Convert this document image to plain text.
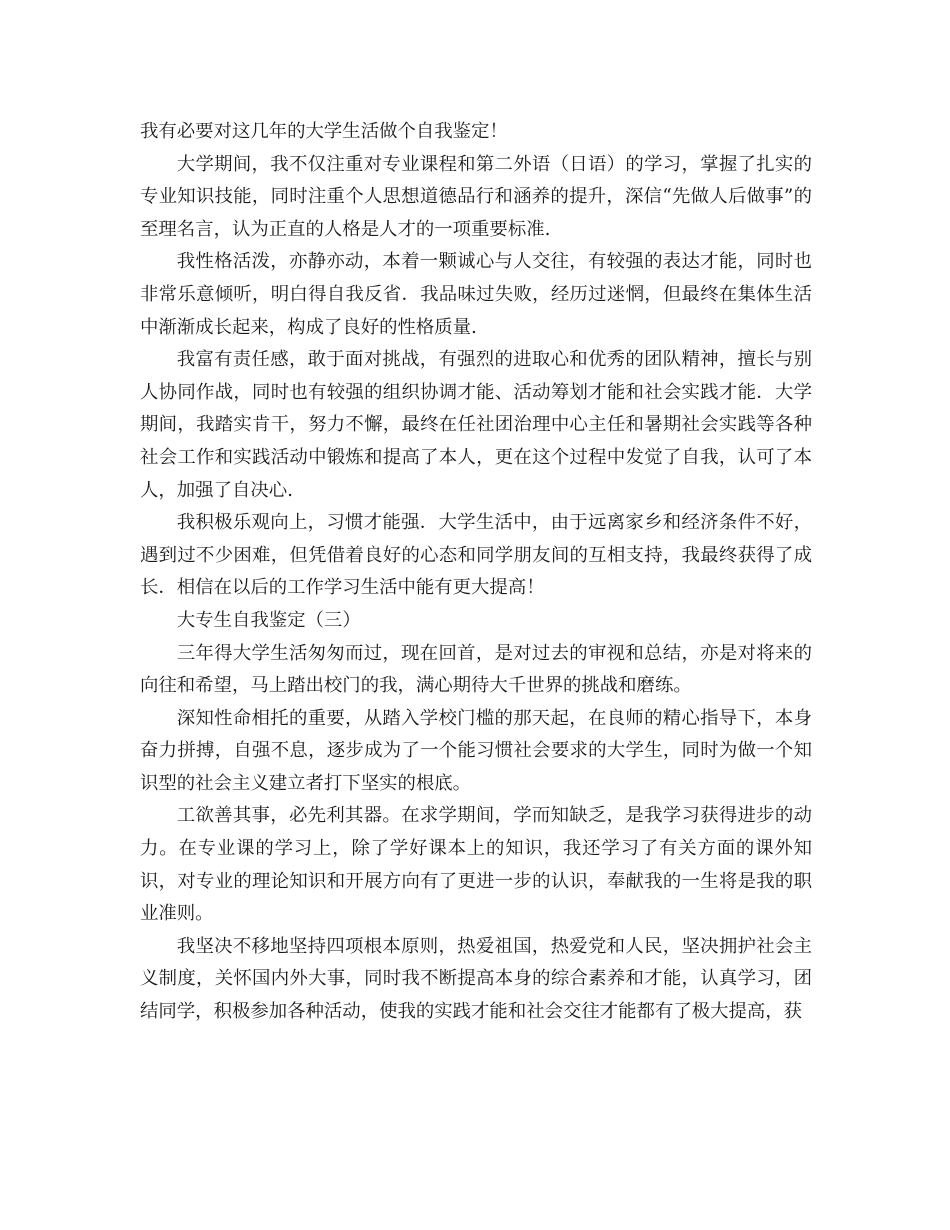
我有必要对这几年的大学生活做个自我鉴定！

大学期间，我不仅注重对专业课程和第二外语（日语）的学习，掌握了扎实的专业知识技能，同时注重个人思想道德品行和涵养的提升，深信“先做人后做事”的至理名言，认为正直的人格是人才的一项重要标准.

我性格活泼，亦静亦动，本着一颗诚心与人交往，有较强的表达才能，同时也非常乐意倾听，明白得自我反省．我品味过失败，经历过迷惘，但最终在集体生活中渐渐成长起来，构成了良好的性格质量.

我富有责任感，敢于面对挑战，有强烈的进取心和优秀的团队精神，擅长与别人协同作战，同时也有较强的组织协调才能、活动筹划才能和社会实践才能．大学期间，我踏实肯干，努力不懈，最终在任社团治理中心主任和暑期社会实践等各种社会工作和实践活动中锻炼和提高了本人，更在这个过程中发觉了自我，认可了本人，加强了自决心.

我积极乐观向上，习惯才能强．大学生活中，由于远离家乡和经济条件不好，遇到过不少困难，但凭借着良好的心态和同学朋友间的互相支持，我最终获得了成长．相信在以后的工作学习生活中能有更大提高！

大专生自我鉴定（三）

三年得大学生活匆匆而过，现在回首，是对过去的审视和总结，亦是对将来的向往和希望，马上踏出校门的我，满心期待大千世界的挑战和磨练。

深知性命相托的重要，从踏入学校门槛的那天起，在良师的精心指导下，本身奋力拼搏，自强不息，逐步成为了一个能习惯社会要求的大学生，同时为做一个知识型的社会主义建立者打下坚实的根底。

工欲善其事，必先利其器。在求学期间，学而知缺乏，是我学习获得进步的动力。在专业课的学习上，除了学好课本上的知识，我还学习了有关方面的课外知识，对专业的理论知识和开展方向有了更进一步的认识，奉献我的一生将是我的职业准则。

我坚决不移地坚持四项根本原则，热爱祖国，热爱党和人民，坚决拥护社会主义制度，关怀国内外大事，同时我不断提高本身的综合素养和才能，认真学习，团结同学，积极参加各种活动，使我的实践才能和社会交往才能都有了极大提高，获
